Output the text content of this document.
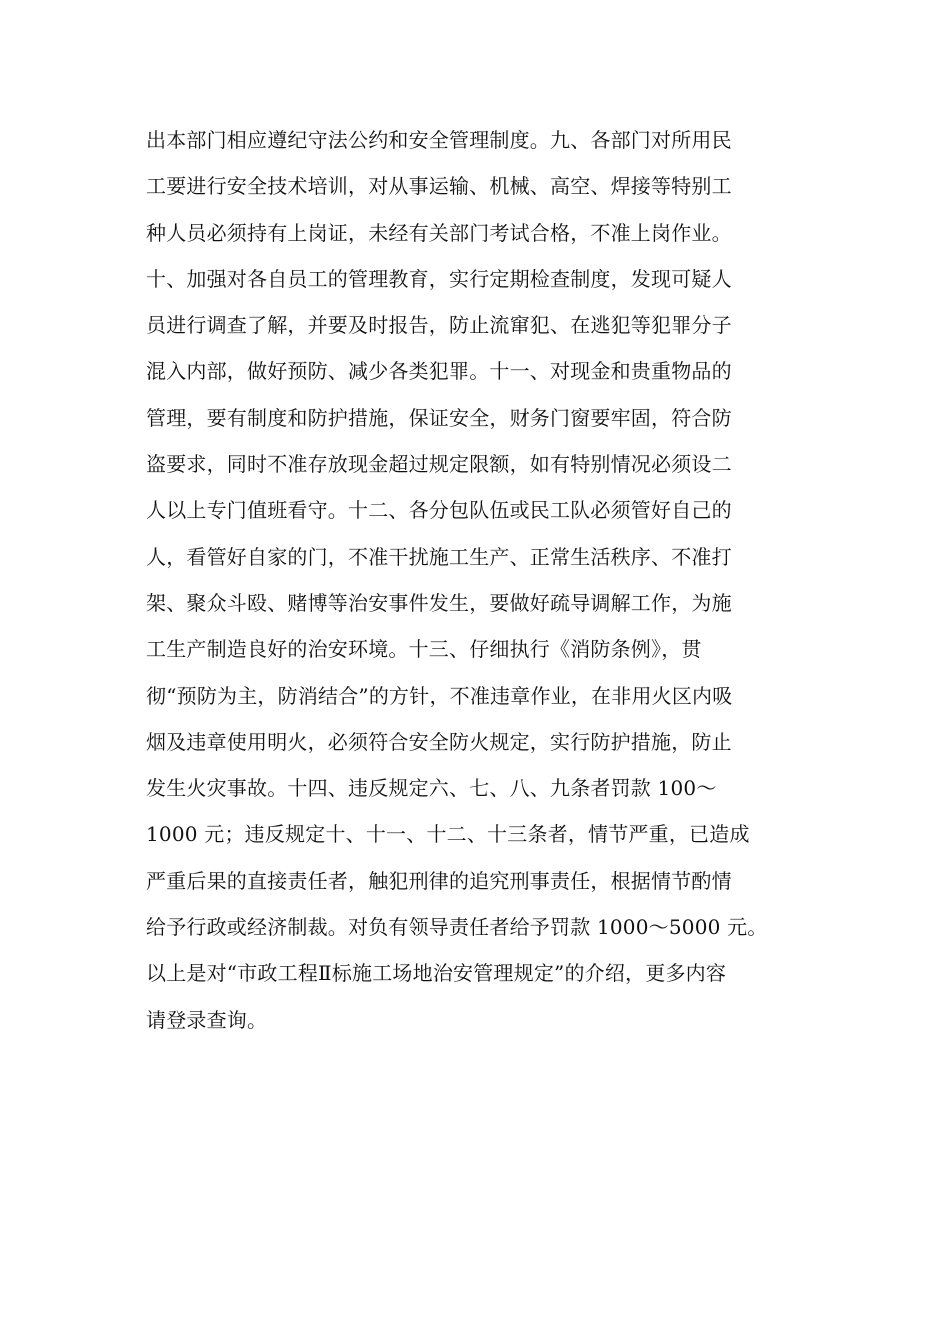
出本部门相应遵纪守法公约和安全管理制度。九、各部门对所用民
工要进行安全技术培训，对从事运输、机械、高空、焊接等特别工
种人员必须持有上岗证，未经有关部门考试合格，不准上岗作业。
十、加强对各自员工的管理教育，实行定期检查制度，发现可疑人
员进行调查了解，并要及时报告，防止流窜犯、在逃犯等犯罪分子
混入内部，做好预防、减少各类犯罪。十一、对现金和贵重物品的
管理，要有制度和防护措施，保证安全，财务门窗要牢固，符合防
盗要求，同时不准存放现金超过规定限额，如有特别情况必须设二
人以上专门值班看守。十二、各分包队伍或民工队必须管好自己的
人，看管好自家的门，不准干扰施工生产、正常生活秩序、不准打
架、聚众斗殴、赌博等治安事件发生，要做好疏导调解工作，为施
工生产制造良好的治安环境。十三、仔细执行《消防条例》，贯
彻“预防为主，防消结合”的方针，不准违章作业，在非用火区内吸
烟及违章使用明火，必须符合安全防火规定，实行防护措施，防止
发生火灾事故。十四、违反规定六、七、八、九条者罚款 100～
1000 元；违反规定十、十一、十二、十三条者，情节严重，已造成
严重后果的直接责任者，触犯刑律的追究刑事责任，根据情节酌情
给予行政或经济制裁。对负有领导责任者给予罚款 1000～5000 元。
以上是对“市政工程Ⅱ标施工场地治安管理规定”的介绍，更多内容
请登录查询。
